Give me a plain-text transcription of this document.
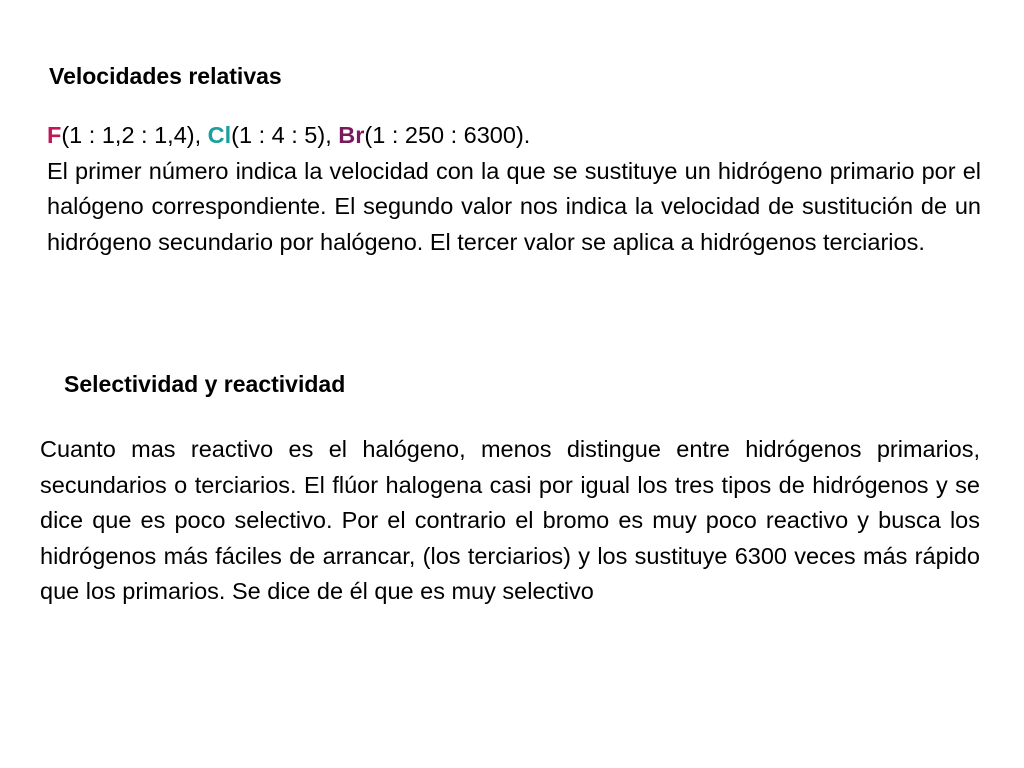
Velocidades relativas
F(1 : 1,2 : 1,4), Cl(1 : 4 : 5), Br(1 : 250 : 6300).
El primer número indica la velocidad con la que se sustituye un hidrógeno primario por el halógeno correspondiente. El segundo valor nos indica la velocidad de sustitución de un hidrógeno secundario por halógeno. El tercer valor se aplica a hidrógenos terciarios.
Selectividad y reactividad
Cuanto mas reactivo es el halógeno, menos distingue entre hidrógenos primarios, secundarios o terciarios. El flúor halogena casi por igual los tres tipos de hidrógenos y se dice que es poco selectivo. Por el contrario el bromo es muy poco reactivo y busca los hidrógenos más fáciles de arrancar, (los terciarios) y los sustituye 6300 veces más rápido que los primarios. Se dice de él que es muy selectivo
